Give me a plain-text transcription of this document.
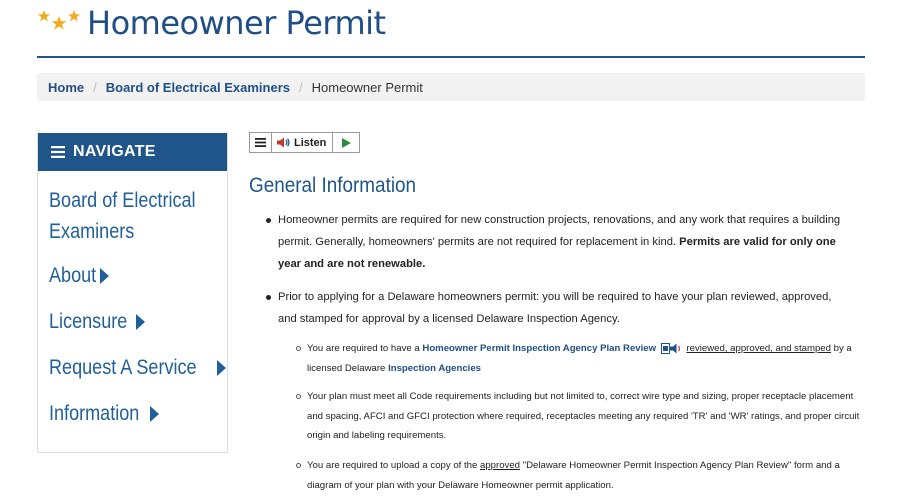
Homeowner Permit
Home / Board of Electrical Examiners / Homeowner Permit
NAVIGATE
Board of Electrical
Examiners
About
Licensure
Request A Service
Information
Listen
General Information
Homeowner permits are required for new construction projects, renovations, and any work that requires a building permit. Generally, homeowners' permits are not required for replacement in kind. Permits are valid for only one year and are not renewable.
Prior to applying for a Delaware homeowners permit: you will be required to have your plan reviewed, approved, and stamped for approval by a licensed Delaware Inspection Agency.
You are required to have a Homeowner Permit Inspection Agency Plan Review	reviewed, approved, and stamped by a licensed Delaware Inspection Agencies
Your plan must meet all Code requirements including but not limited to, correct wire type and sizing, proper receptacle placement and spacing, AFCI and GFCI protection where required, receptacles meeting any required 'TR' and 'WR' ratings, and proper circuit origin and labeling requirements.
You are required to upload a copy of the approved "Delaware Homeowner Permit Inspection Agency Plan Review" form and a diagram of your plan with your Delaware Homeowner permit application.
